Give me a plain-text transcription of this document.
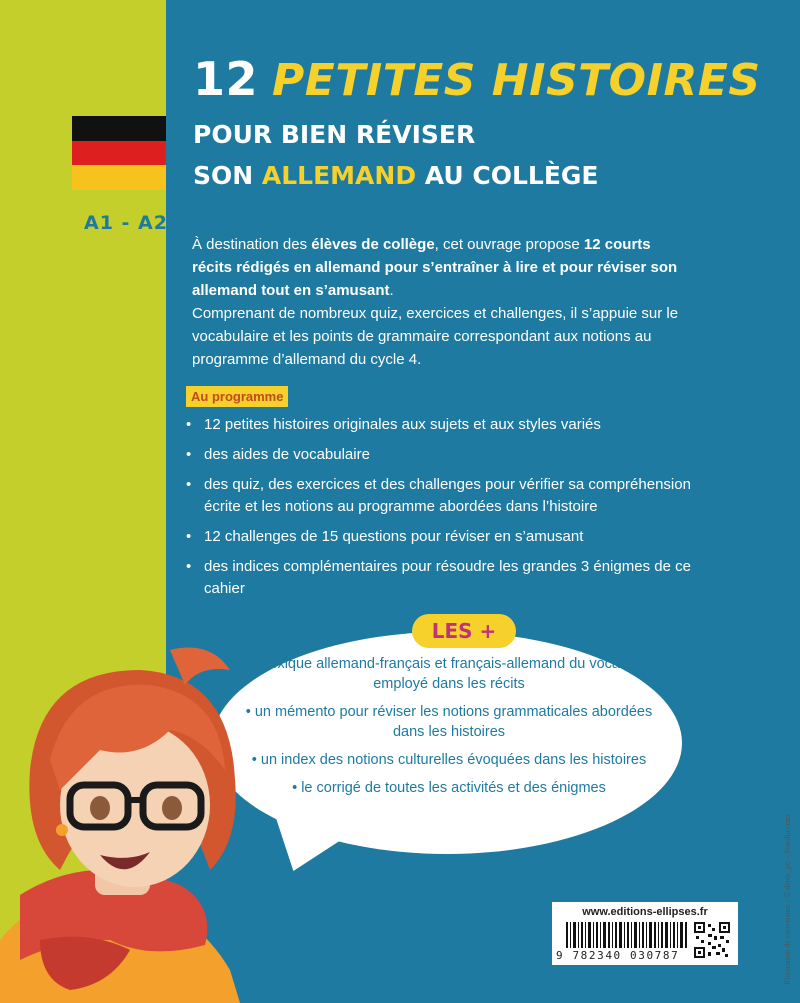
A1 - A2
12 PETITES HISTOIRES
POUR BIEN RÉVISER
SON ALLEMAND AU COLLÈGE

À destination des élèves de collège, cet ouvrage propose 12 courts récits rédigés en allemand pour s’entraîner à lire et pour réviser son allemand tout en s’amusant.

Comprenant de nombreux quiz, exercices et challenges, il s’appuie sur le vocabulaire et les points de grammaire correspondant aux notions au programme d’allemand du cycle 4.

Au programme
• 12 petites histoires originales aux sujets et aux styles variés
• des aides de vocabulaire
• des quiz, des exercices et des challenges pour vérifier sa compréhension écrite et les notions au programme abordées dans l’histoire
• 12 challenges de 15 questions pour réviser en s’amusant
• des indices complémentaires pour résoudre les grandes 3 énigmes de ce cahier
LES +
• Un lexique allemand-français et français-allemand du vocabulaire employé dans les récits
• un mémento pour réviser les notions grammaticales abordées dans les histoires
• un index des notions culturelles évoquées dans les histoires
• le corrigé de toutes les activités et des énigmes
www.editions-ellipses.fr
9 782340 030787	Illustration de couverture : © denis_pc – Fotolia.com
